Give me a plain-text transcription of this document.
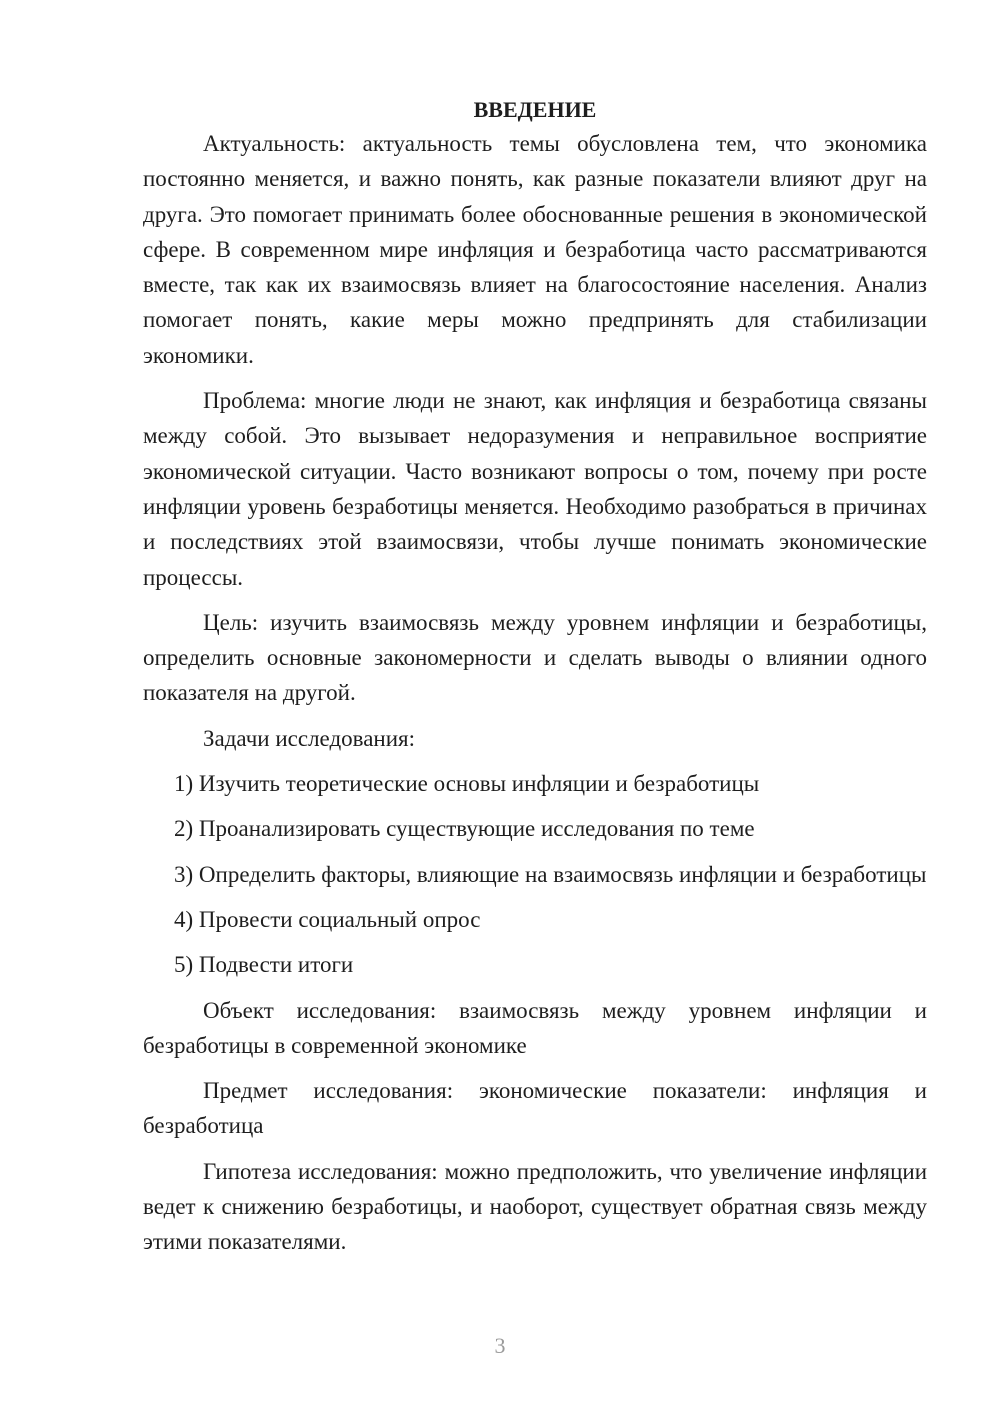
ВВЕДЕНИЕ

Актуальность: актуальность темы обусловлена тем, что экономика постоянно меняется, и важно понять, как разные показатели влияют друг на друга. Это помогает принимать более обоснованные решения в экономической сфере. В современном мире инфляция и безработица часто рассматриваются вместе, так как их взаимосвязь влияет на благосостояние населения. Анализ помогает понять, какие меры можно предпринять для стабилизации экономики.

Проблема: многие люди не знают, как инфляция и безработица связаны между собой. Это вызывает недоразумения и неправильное восприятие экономической ситуации. Часто возникают вопросы о том, почему при росте инфляции уровень безработицы меняется. Необходимо разобраться в причинах и последствиях этой взаимосвязи, чтобы лучше понимать экономические процессы.

Цель: изучить взаимосвязь между уровнем инфляции и безработицы, определить основные закономерности и сделать выводы о влиянии одного показателя на другой.

Задачи исследования:

1) Изучить теоретические основы инфляции и безработицы

2) Проанализировать существующие исследования по теме

3) Определить факторы, влияющие на взаимосвязь инфляции и безработицы

4) Провести социальный опрос

5) Подвести итоги

Объект исследования: взаимосвязь между уровнем инфляции и безработицы в современной экономике

Предмет исследования: экономические показатели: инфляция и безработица

Гипотеза исследования: можно предположить, что увеличение инфляции ведет к снижению безработицы, и наоборот, существует обратная связь между этими показателями.

3
